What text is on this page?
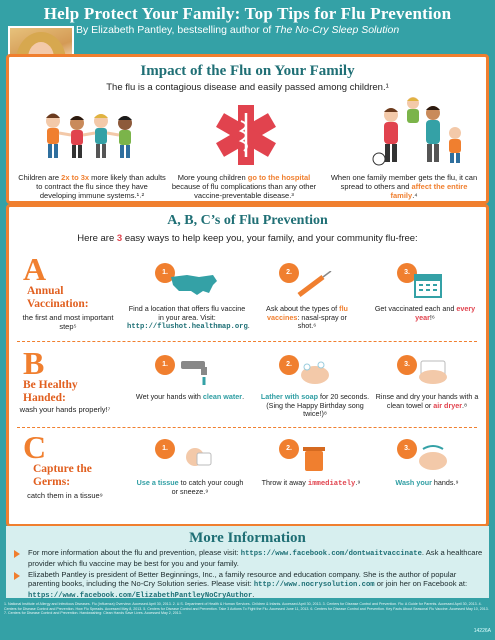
Help Protect Your Family: Top Tips for Flu Prevention
By Elizabeth Pantley, bestselling author of The No-Cry Sleep Solution
Impact of the Flu on Your Family
The flu is a contagious disease and easily passed among children.¹
Children are 2x to 3x more likely than adults to contract the flu since they have developing immune systems.¹˒²
More young children go to the hospital because of flu complications than any other vaccine-preventable disease.³
When one family member gets the flu, it can spread to others and affect the entire family.⁴
A, B, C’s of Flu Prevention
Here are 3 easy ways to help keep you, your family, and your community flu-free:
A
Annual Vaccination:
the first and most important step⁵
1.
Find a location that offers flu vaccine in your area. Visit: http://flushot.healthmap.org.
2.
Ask about the types of flu vaccines: nasal-spray or shot.⁶
3.
Get vaccinated each and every year!⁶
B
Be Healthy Handed:
wash your hands properly!⁷
1.
Wet your hands with clean water.
2.
Lather with soap for 20 seconds. (Sing the Happy Birthday song twice!)⁸
3.
Rinse and dry your hands with a clean towel or air dryer.⁸
C
Capture the Germs:
catch them in a tissue⁹
1.
Use a tissue to catch your cough or sneeze.⁹
2.
Throw it away immediately.⁹
3.
Wash your hands.⁹
More Information
For more information about the flu and prevention, please visit: https://www.facebook.com/dontwaitvaccinate. Ask a healthcare provider which flu vaccine may be best for you and your family.
Elizabeth Pantley is president of Better Beginnings, Inc., a family resource and education company. She is the author of popular parenting books, including the No-Cry Solution series. Please visit: http://www.nocrysolution.com or join her on Facebook at: https://www.facebook.com/ElizabethPantleyNoCryAuthor.
1. National Institute of Allergy and Infectious Diseases. Flu (Influenza) Overview. Accessed April 30, 2013. 2. U.S. Department of Health & Human Services. Children & Infants. Accessed April 30, 2013. 3. Centers for Disease Control and Prevention. Flu: A Guide for Parents. Accessed April 30, 2013. 4. Centers for Disease Control and Prevention. How Flu Spreads. Accessed May 8, 2013. 5. Centers for Disease Control and Prevention. Take 3 Actions To Fight the Flu. Accessed June 11, 2013. 6. Centers for Disease Control and Prevention. Key Facts About Seasonal Flu Vaccine. Accessed May 10, 2013. 7. Centers for Disease Control and Prevention. Handwashing: Clean Hands Save Lives. Accessed May 2, 2013.
14226A
